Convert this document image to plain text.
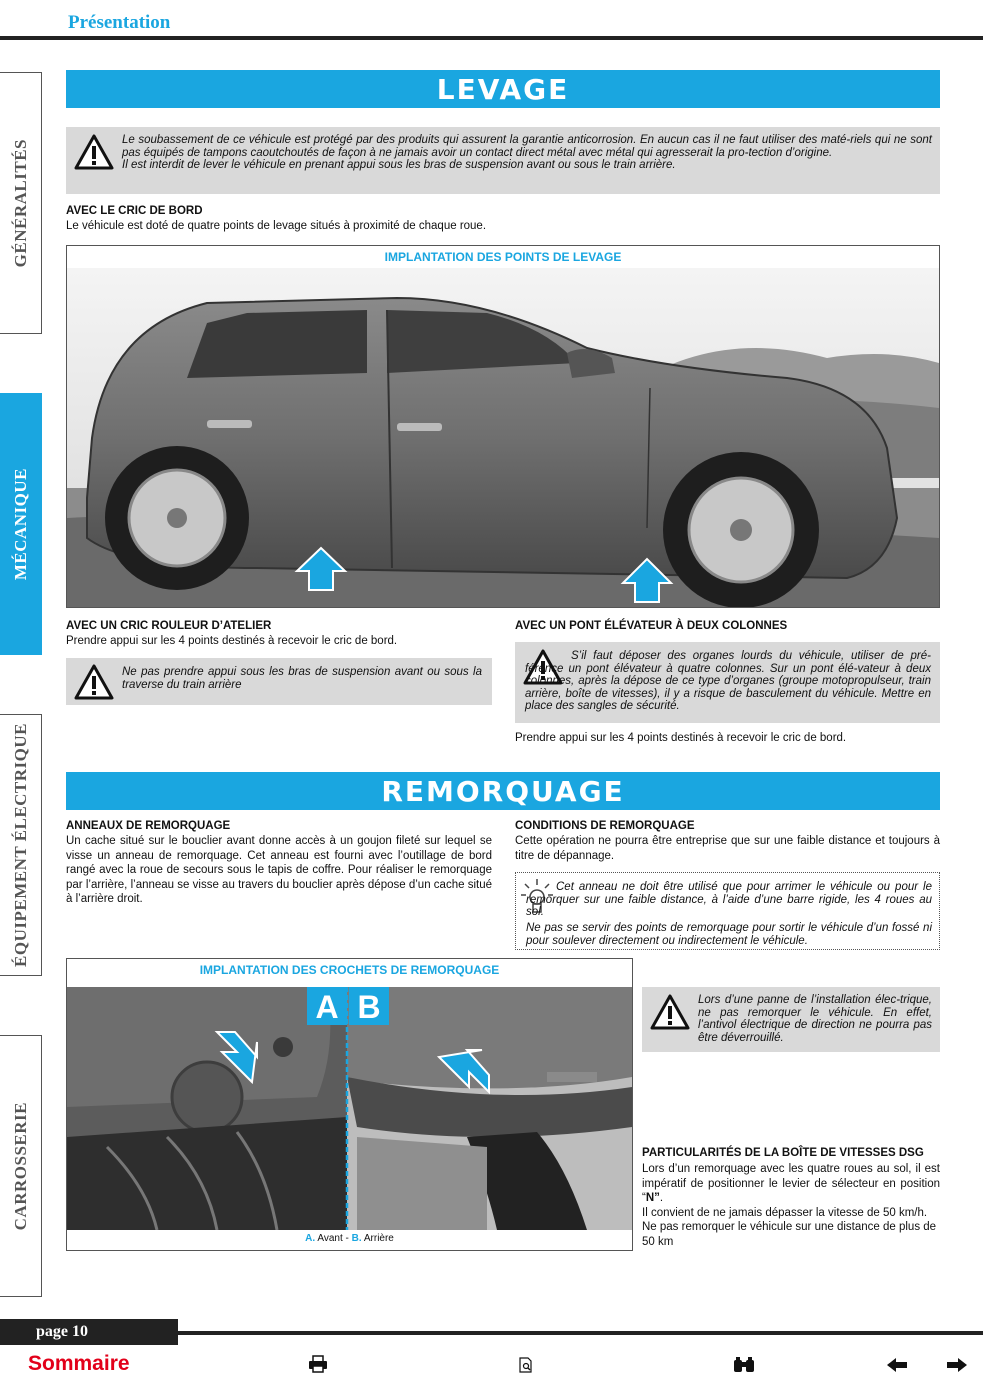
Présentation
GÉNÉRALITÉS
MÉCANIQUE
ÉQUIPEMENT ÉLECTRIQUE
CARROSSERIE
LEVAGE
Le soubassement de ce véhicule est protégé par des produits qui assurent la garantie anticorrosion. En aucun cas il ne faut utiliser des maté-riels qui ne sont pas équipés de tampons caoutchoutés de façon à ne jamais avoir un contact direct métal avec métal qui agresserait la pro-tection d’origine.
Il est interdit de lever le véhicule en prenant appui sous les bras de suspension avant ou sous le train arrière.
AVEC LE CRIC DE BORD
Le véhicule est doté de quatre points de levage situés à proximité de chaque roue.
IMPLANTATION DES POINTS DE LEVAGE
AVEC UN CRIC ROULEUR D’ATELIER
Prendre appui sur les 4 points destinés à recevoir le cric de bord.
Ne pas prendre appui sous les bras de suspension avant ou sous la traverse du train arrière
AVEC UN PONT ÉLÉVATEUR À DEUX COLONNES
S’il faut déposer des organes lourds du véhicule, utiliser de pré-férence un pont élévateur à quatre colonnes. Sur un pont élé-vateur à deux colonnes, après la dépose de ce type d’organes (groupe motopropulseur, train arrière, boîte de vitesses), il y a risque de basculement du véhicule. Mettre en place des sangles de sécurité.
Prendre appui sur les 4 points destinés à recevoir le cric de bord.
REMORQUAGE
ANNEAUX DE REMORQUAGE
Un cache situé sur le bouclier avant donne accès à un goujon fileté sur lequel se visse un anneau de remorquage. Cet anneau est fourni avec l’outillage de bord rangé avec la roue de secours sous le tapis de coffre. Pour réaliser le remorquage par l’arrière, l’anneau se visse au travers du bouclier après dépose d’un cache situé à l’arrière droit.
CONDITIONS DE REMORQUAGE
Cette opération ne pourra être entreprise que sur une faible distance et toujours à titre de dépannage.
Cet anneau ne doit être utilisé que pour arrimer le véhicule ou pour le remorquer sur une faible distance, à l’aide d’une barre rigide, les 4 roues au sol.
Ne pas se servir des points de remorquage pour sortir le véhicule d’un fossé ni pour soulever directement ou indirectement le véhicule.
IMPLANTATION DES CROCHETS DE REMORQUAGE
A B
A. Avant - B. Arrière
Lors d’une panne de l’installation élec-trique, ne pas remorquer le véhicule. En effet, l’antivol électrique de direction ne pourra pas être déverrouillé.
PARTICULARITÉS DE LA BOÎTE DE VITESSES DSG
Lors d’un remorquage avec les quatre roues au sol, il est impératif de positionner le levier de sélecteur en position “N”.
Il convient de ne jamais dépasser la vitesse de 50 km/h. Ne pas remorquer le véhicule sur une distance de plus de 50 km
page 10
Sommaire
